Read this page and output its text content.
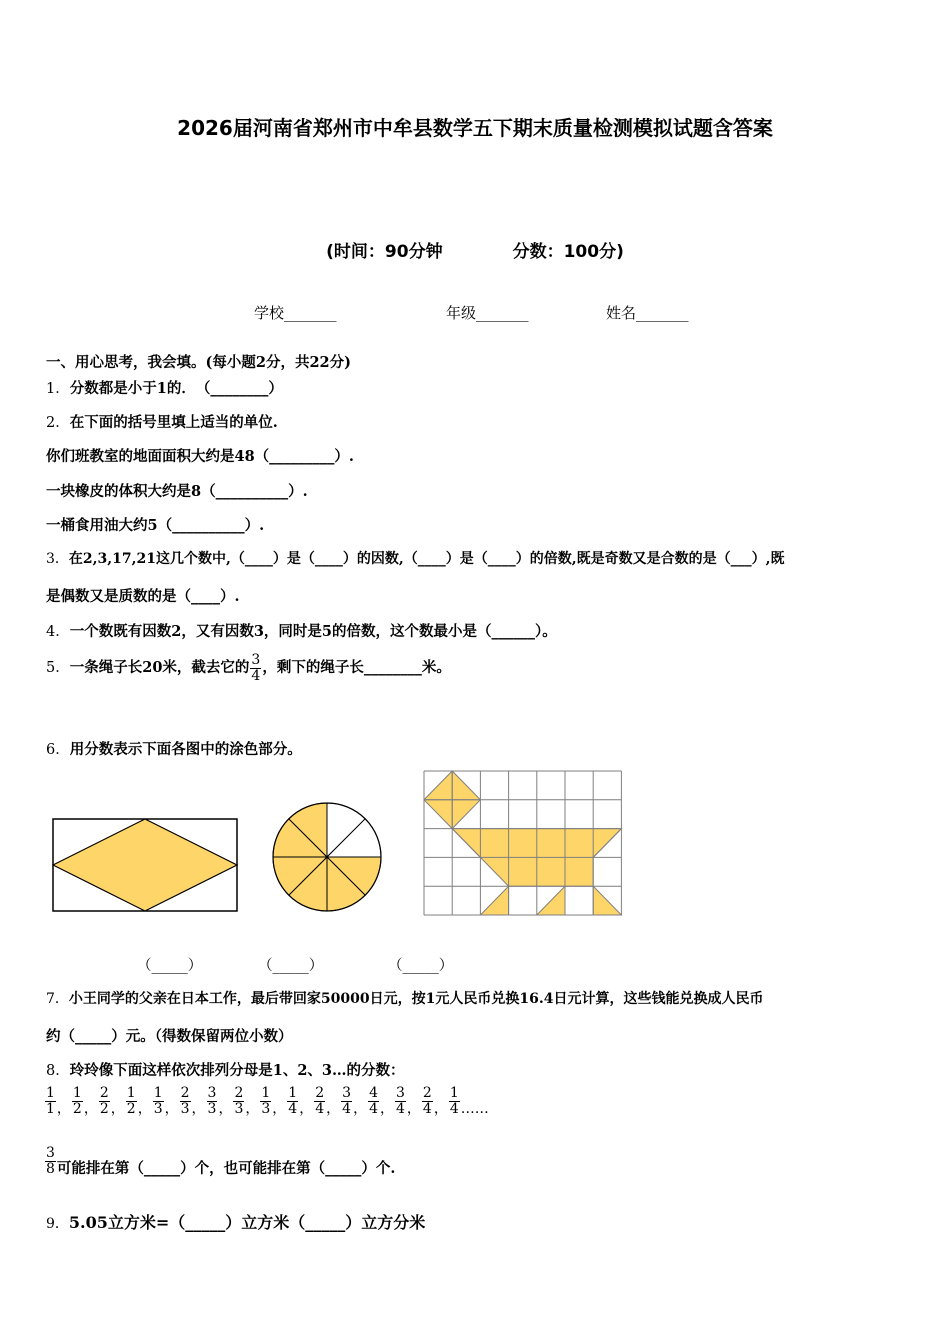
2026届河南省郑州市中牟县数学五下期末质量检测模拟试题含答案
(时间：90分钟	分数：100分)
学校_______	年级_______	姓名_______
一、用心思考，我会填。(每小题2分，共22分)
1．分数都是小于1的．　（________）
2．在下面的括号里填上适当的单位.
你们班教室的地面面积大约是48（_________）.
一块橡皮的体积大约是8（__________）.
一桶食用油大约5（__________）.
3．在2,3,17,21这几个数中,（____）是（____）的因数,（____）是（____）的倍数,既是奇数又是合数的是（___）,既
是偶数又是质数的是（____）.
4．一个数既有因数2，又有因数3，同时是5的倍数，这个数最小是（______）。
5．一条绳子长20米，截去它的 $\frac{3}{4}$ ，剩下的绳子长________米。
6．用分数表示下面各图中的涂色部分。
（_____）	（_____）	（_____）
7．小王同学的父亲在日本工作，最后带回家50000日元，按1元人民币兑换16.4日元计算，这些钱能兑换成人民币
约（_____）元。（得数保留两位小数）
8．玲玲像下面这样依次排列分母是1、2、3…的分数：
$\frac{1}{1}$ ， $\frac{1}{2}$ ， $\frac{2}{2}$ ， $\frac{1}{2}$ ， $\frac{1}{3}$ ， $\frac{2}{3}$ ， $\frac{3}{3}$ ， $\frac{2}{3}$ ， $\frac{1}{3}$ ， $\frac{1}{4}$ ， $\frac{2}{4}$ ， $\frac{3}{4}$ ， $\frac{4}{4}$ ， $\frac{3}{4}$ ， $\frac{2}{4}$ ， $\frac{1}{4}$ ……
$\frac{3}{8}$ 可能排在第（_____）个，也可能排在第（_____）个.
9．5.05立方米=（_____）立方米（_____）立方分米
